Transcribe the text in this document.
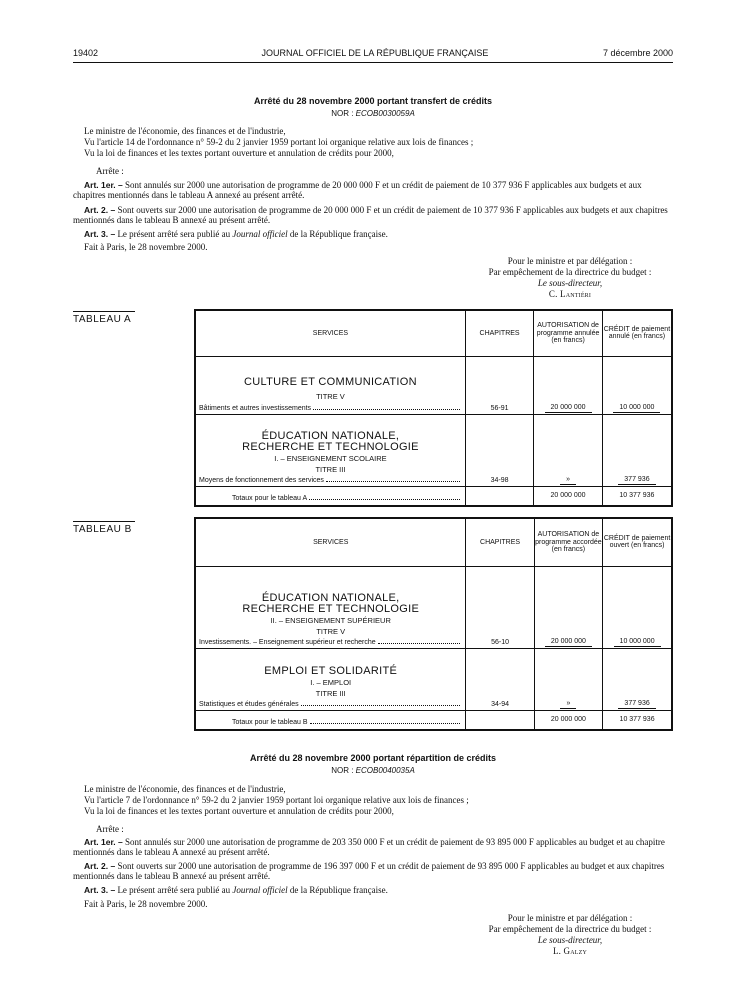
19402	JOURNAL OFFICIEL DE LA RÉPUBLIQUE FRANÇAISE	7 décembre 2000
Arrêté du 28 novembre 2000 portant transfert de crédits
NOR : ECOB0030059A
Le ministre de l'économie, des finances et de l'industrie,
Vu l'article 14 de l'ordonnance n° 59-2 du 2 janvier 1959 portant loi organique relative aux lois de finances ;
Vu la loi de finances et les textes portant ouverture et annulation de crédits pour 2000,
Arrête :
Art. 1er. – Sont annulés sur 2000 une autorisation de programme de 20 000 000 F et un crédit de paiement de 10 377 936 F applicables aux budgets et aux chapitres mentionnés dans le tableau A annexé au présent arrêté.
Art. 2. – Sont ouverts sur 2000 une autorisation de programme de 20 000 000 F et un crédit de paiement de 10 377 936 F applicables aux budgets et aux chapitres mentionnés dans le tableau B annexé au présent arrêté.
Art. 3. – Le présent arrêté sera publié au Journal officiel de la République française.
Fait à Paris, le 28 novembre 2000.
Pour le ministre et par délégation :
Par empêchement de la directrice du budget :
Le sous-directeur,
C. Lantiéri
TABLEAU A
SERVICES	CHAPITRES	AUTORISATION de programme annulée (en francs)	CRÉDIT de paiement annulé (en francs)

CULTURE ET COMMUNICATION
TITRE V
Bâtiments et autres investissements	56-91	20 000 000	10 000 000

ÉDUCATION NATIONALE,
RECHERCHE ET TECHNOLOGIE
I. – ENSEIGNEMENT SCOLAIRE
TITRE III
Moyens de fonctionnement des services	34-98	»	377 936

Totaux pour le tableau A		20 000 000	10 377 936
TABLEAU B
SERVICES	CHAPITRES	AUTORISATION de programme accordée (en francs)	CRÉDIT de paiement ouvert (en francs)

ÉDUCATION NATIONALE,
RECHERCHE ET TECHNOLOGIE
II. – ENSEIGNEMENT SUPÉRIEUR
TITRE V
Investissements. – Enseignement supérieur et recherche	56-10	20 000 000	10 000 000

EMPLOI ET SOLIDARITÉ
I. – EMPLOI
TITRE III
Statistiques et études générales	34-94	»	377 936

Totaux pour le tableau B		20 000 000	10 377 936
Arrêté du 28 novembre 2000 portant répartition de crédits
NOR : ECOB0040035A
Le ministre de l'économie, des finances et de l'industrie,
Vu l'article 7 de l'ordonnance n° 59-2 du 2 janvier 1959 portant loi organique relative aux lois de finances ;
Vu la loi de finances et les textes portant ouverture et annulation de crédits pour 2000,
Arrête :
Art. 1er. – Sont annulés sur 2000 une autorisation de programme de 203 350 000 F et un crédit de paiement de 93 895 000 F applicables au budget et au chapitre mentionnés dans le tableau A annexé au présent arrêté.
Art. 2. – Sont ouverts sur 2000 une autorisation de programme de 196 397 000 F et un crédit de paiement de 93 895 000 F applicables au budget et aux chapitres mentionnés dans le tableau B annexé au présent arrêté.
Art. 3. – Le présent arrêté sera publié au Journal officiel de la République française.
Fait à Paris, le 28 novembre 2000.
Pour le ministre et par délégation :
Par empêchement de la directrice du budget :
Le sous-directeur,
L. Galzy
